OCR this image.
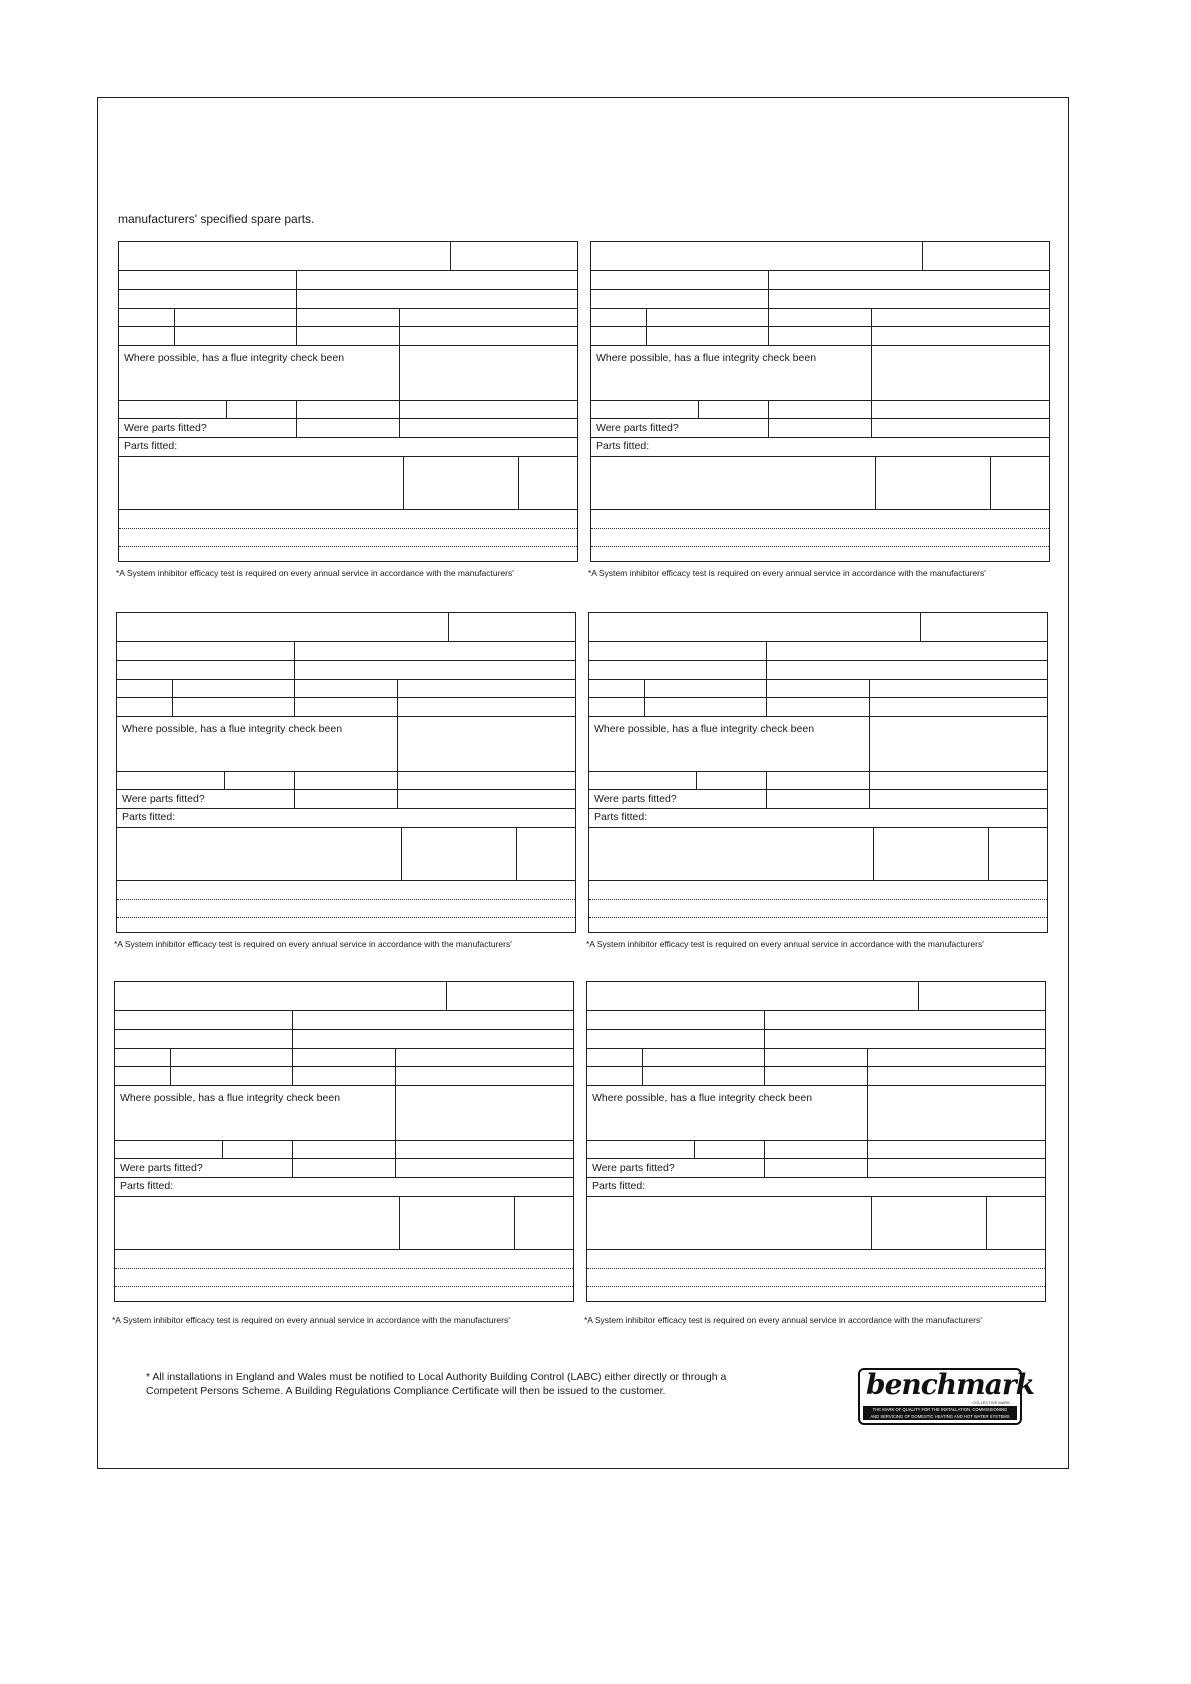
manufacturers' specified spare parts.

Where possible, has a flue integrity check been
Were parts fitted?
Parts fitted:
*A System inhibitor efficacy test is required on every annual service in accordance with the manufacturers'
Where possible, has a flue integrity check been
Were parts fitted?
Parts fitted:
*A System inhibitor efficacy test is required on every annual service in accordance with the manufacturers'
Where possible, has a flue integrity check been
Were parts fitted?
Parts fitted:
*A System inhibitor efficacy test is required on every annual service in accordance with the manufacturers'
Where possible, has a flue integrity check been
Were parts fitted?
Parts fitted:
*A System inhibitor efficacy test is required on every annual service in accordance with the manufacturers'
Where possible, has a flue integrity check been
Were parts fitted?
Parts fitted:
*A System inhibitor efficacy test is required on every annual service in accordance with the manufacturers'
Where possible, has a flue integrity check been
Were parts fitted?
Parts fitted:
*A System inhibitor efficacy test is required on every annual service in accordance with the manufacturers'

* All installations in England and Wales must be notified to Local Authority Building Control (LABC) either directly or through a

Competent Persons Scheme. A Building Regulations Compliance Certificate will then be issued to the customer.	benchmark
COLLECTIVE MARK
THE MARK OF QUALITY FOR THE INSTALLATION, COMMISSIONING
AND SERVICING OF DOMESTIC HEATING AND HOT WATER SYSTEMS
